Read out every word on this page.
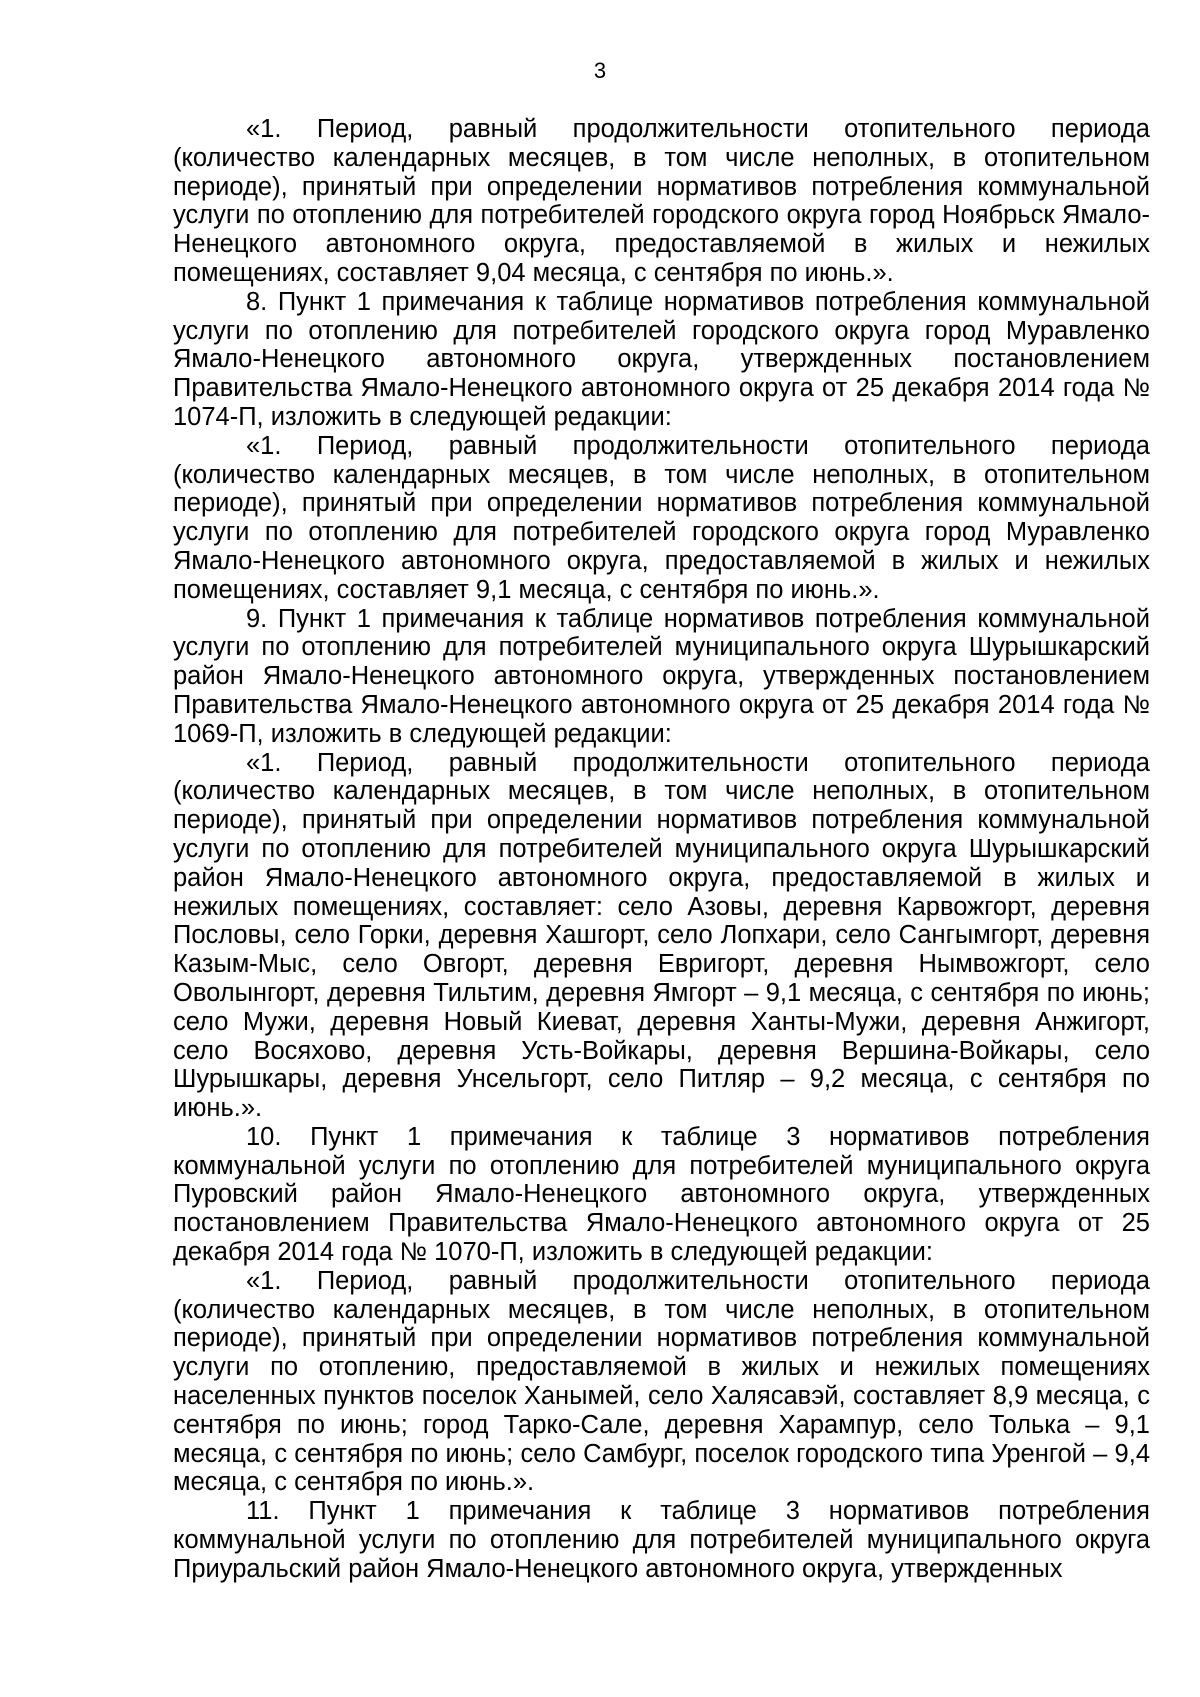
3

«1. Период, равный продолжительности отопительного периода (количество календарных месяцев, в том числе неполных, в отопительном периоде), принятый при определении нормативов потребления коммунальной услуги по отоплению для потребителей городского округа город Ноябрьск Ямало-Ненецкого автономного округа, предоставляемой в жилых и нежилых помещениях, составляет 9,04 месяца, с сентября по июнь.».

8. Пункт 1 примечания к таблице нормативов потребления коммунальной услуги по отоплению для потребителей городского округа город Муравленко Ямало-Ненецкого автономного округа, утвержденных постановлением Правительства Ямало-Ненецкого автономного округа от 25 декабря 2014 года № 1074-П, изложить в следующей редакции:

«1. Период, равный продолжительности отопительного периода (количество календарных месяцев, в том числе неполных, в отопительном периоде), принятый при определении нормативов потребления коммунальной услуги по отоплению для потребителей городского округа город Муравленко Ямало-Ненецкого автономного округа, предоставляемой в жилых и нежилых помещениях, составляет 9,1 месяца, с сентября по июнь.».

9. Пункт 1 примечания к таблице нормативов потребления коммунальной услуги по отоплению для потребителей муниципального округа Шурышкарский район Ямало-Ненецкого автономного округа, утвержденных постановлением Правительства Ямало-Ненецкого автономного округа от 25 декабря 2014 года № 1069-П, изложить в следующей редакции:

«1. Период, равный продолжительности отопительного периода (количество календарных месяцев, в том числе неполных, в отопительном периоде), принятый при определении нормативов потребления коммунальной услуги по отоплению для потребителей муниципального округа Шурышкарский район Ямало-Ненецкого автономного округа, предоставляемой в жилых и нежилых помещениях, составляет: село Азовы, деревня Карвожгорт, деревня Пословы, село Горки, деревня Хашгорт, село Лопхари, село Сангымгорт, деревня Казым-Мыс, село Овгорт, деревня Евригорт, деревня Нымвожгорт, село Оволынгорт, деревня Тильтим, деревня Ямгорт – 9,1 месяца, с сентября по июнь; село Мужи, деревня Новый Киеват, деревня Ханты-Мужи, деревня Анжигорт, село Восяхово, деревня Усть-Войкары, деревня Вершина-Войкары, село Шурышкары, деревня Унсельгорт, село Питляр – 9,2 месяца, с сентября по июнь.».

10. Пункт 1 примечания к таблице 3 нормативов потребления коммунальной услуги по отоплению для потребителей муниципального округа Пуровский район Ямало-Ненецкого автономного округа, утвержденных постановлением Правительства Ямало-Ненецкого автономного округа от 25 декабря 2014 года № 1070-П, изложить в следующей редакции:

«1. Период, равный продолжительности отопительного периода (количество календарных месяцев, в том числе неполных, в отопительном периоде), принятый при определении нормативов потребления коммунальной услуги по отоплению, предоставляемой в жилых и нежилых помещениях населенных пунктов поселок Ханымей, село Халясавэй, составляет 8,9 месяца, с сентября по июнь; город Тарко-Сале, деревня Харампур, село Толька – 9,1 месяца, с сентября по июнь; село Самбург, поселок городского типа Уренгой – 9,4 месяца, с сентября по июнь.».

11. Пункт 1 примечания к таблице 3 нормативов потребления коммунальной услуги по отоплению для потребителей муниципального округа Приуральский район Ямало-Ненецкого автономного округа, утвержденных
